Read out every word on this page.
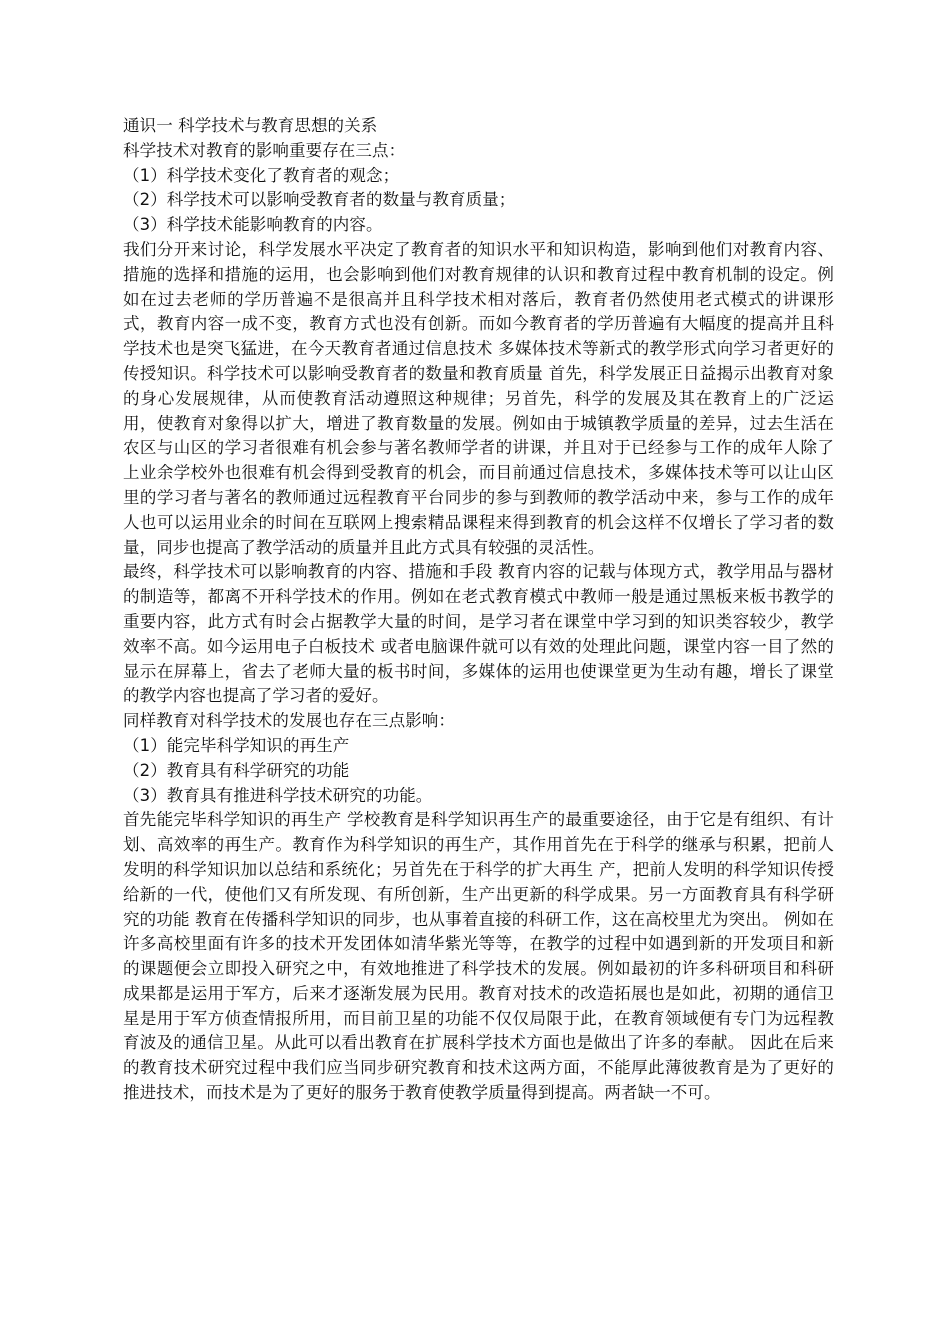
通识一 科学技术与教育思想的关系

科学技术对教育的影响重要存在三点：

（1）科学技术变化了教育者的观念；

（2）科学技术可以影响受教育者的数量与教育质量；

（3）科学技术能影响教育的内容。

我们分开来讨论，科学发展水平决定了教育者的知识水平和知识构造，影响到他们对教育内容、措施的选择和措施的运用，也会影响到他们对教育规律的认识和教育过程中教育机制的设定。例如在过去老师的学历普遍不是很高并且科学技术相对落后，教育者仍然使用老式模式的讲课形式，教育内容一成不变，教育方式也没有创新。而如今教育者的学历普遍有大幅度的提高并且科学技术也是突飞猛进，在今天教育者通过信息技术 多媒体技术等新式的教学形式向学习者更好的传授知识。科学技术可以影响受教育者的数量和教育质量 首先，科学发展正日益揭示出教育对象的身心发展规律，从而使教育活动遵照这种规律；另首先，科学的发展及其在教育上的广泛运用，使教育对象得以扩大，增进了教育数量的发展。例如由于城镇教学质量的差异，过去生活在农区与山区的学习者很难有机会参与著名教师学者的讲课，并且对于已经参与工作的成年人除了上业余学校外也很难有机会得到受教育的机会，而目前通过信息技术，多媒体技术等可以让山区里的学习者与著名的教师通过远程教育平台同步的参与到教师的教学活动中来，参与工作的成年人也可以运用业余的时间在互联网上搜索精品课程来得到教育的机会这样不仅增长了学习者的数量，同步也提高了教学活动的质量并且此方式具有较强的灵活性。

最终，科学技术可以影响教育的内容、措施和手段 教育内容的记载与体现方式，教学用品与器材的制造等，都离不开科学技术的作用。例如在老式教育模式中教师一般是通过黑板来板书教学的重要内容，此方式有时会占据教学大量的时间，是学习者在课堂中学习到的知识类容较少，教学效率不高。如今运用电子白板技术 或者电脑课件就可以有效的处理此问题，课堂内容一目了然的显示在屏幕上，省去了老师大量的板书时间，多媒体的运用也使课堂更为生动有趣，增长了课堂的教学内容也提高了学习者的爱好。

同样教育对科学技术的发展也存在三点影响：

（1）能完毕科学知识的再生产

（2）教育具有科学研究的功能

（3）教育具有推进科学技术研究的功能。

首先能完毕科学知识的再生产 学校教育是科学知识再生产的最重要途径，由于它是有组织、有计 划、高效率的再生产。教育作为科学知识的再生产，其作用首先在于科学的继承与积累，把前人发明的科学知识加以总结和系统化；另首先在于科学的扩大再生 产，把前人发明的科学知识传授给新的一代，使他们又有所发现、有所创新，生产出更新的科学成果。另一方面教育具有科学研究的功能 教育在传播科学知识的同步，也从事着直接的科研工作，这在高校里尤为突出。 例如在许多高校里面有许多的技术开发团体如清华紫光等等，在教学的过程中如遇到新的开发项目和新的课题便会立即投入研究之中，有效地推进了科学技术的发展。例如最初的许多科研项目和科研成果都是运用于军方，后来才逐渐发展为民用。教育对技术的改造拓展也是如此，初期的通信卫星是用于军方侦查情报所用，而目前卫星的功能不仅仅局限于此，在教育领域便有专门为远程教育波及的通信卫星。从此可以看出教育在扩展科学技术方面也是做出了许多的奉献。 因此在后来的教育技术研究过程中我们应当同步研究教育和技术这两方面，不能厚此薄彼教育是为了更好的推进技术，而技术是为了更好的服务于教育使教学质量得到提高。两者缺一不可。
